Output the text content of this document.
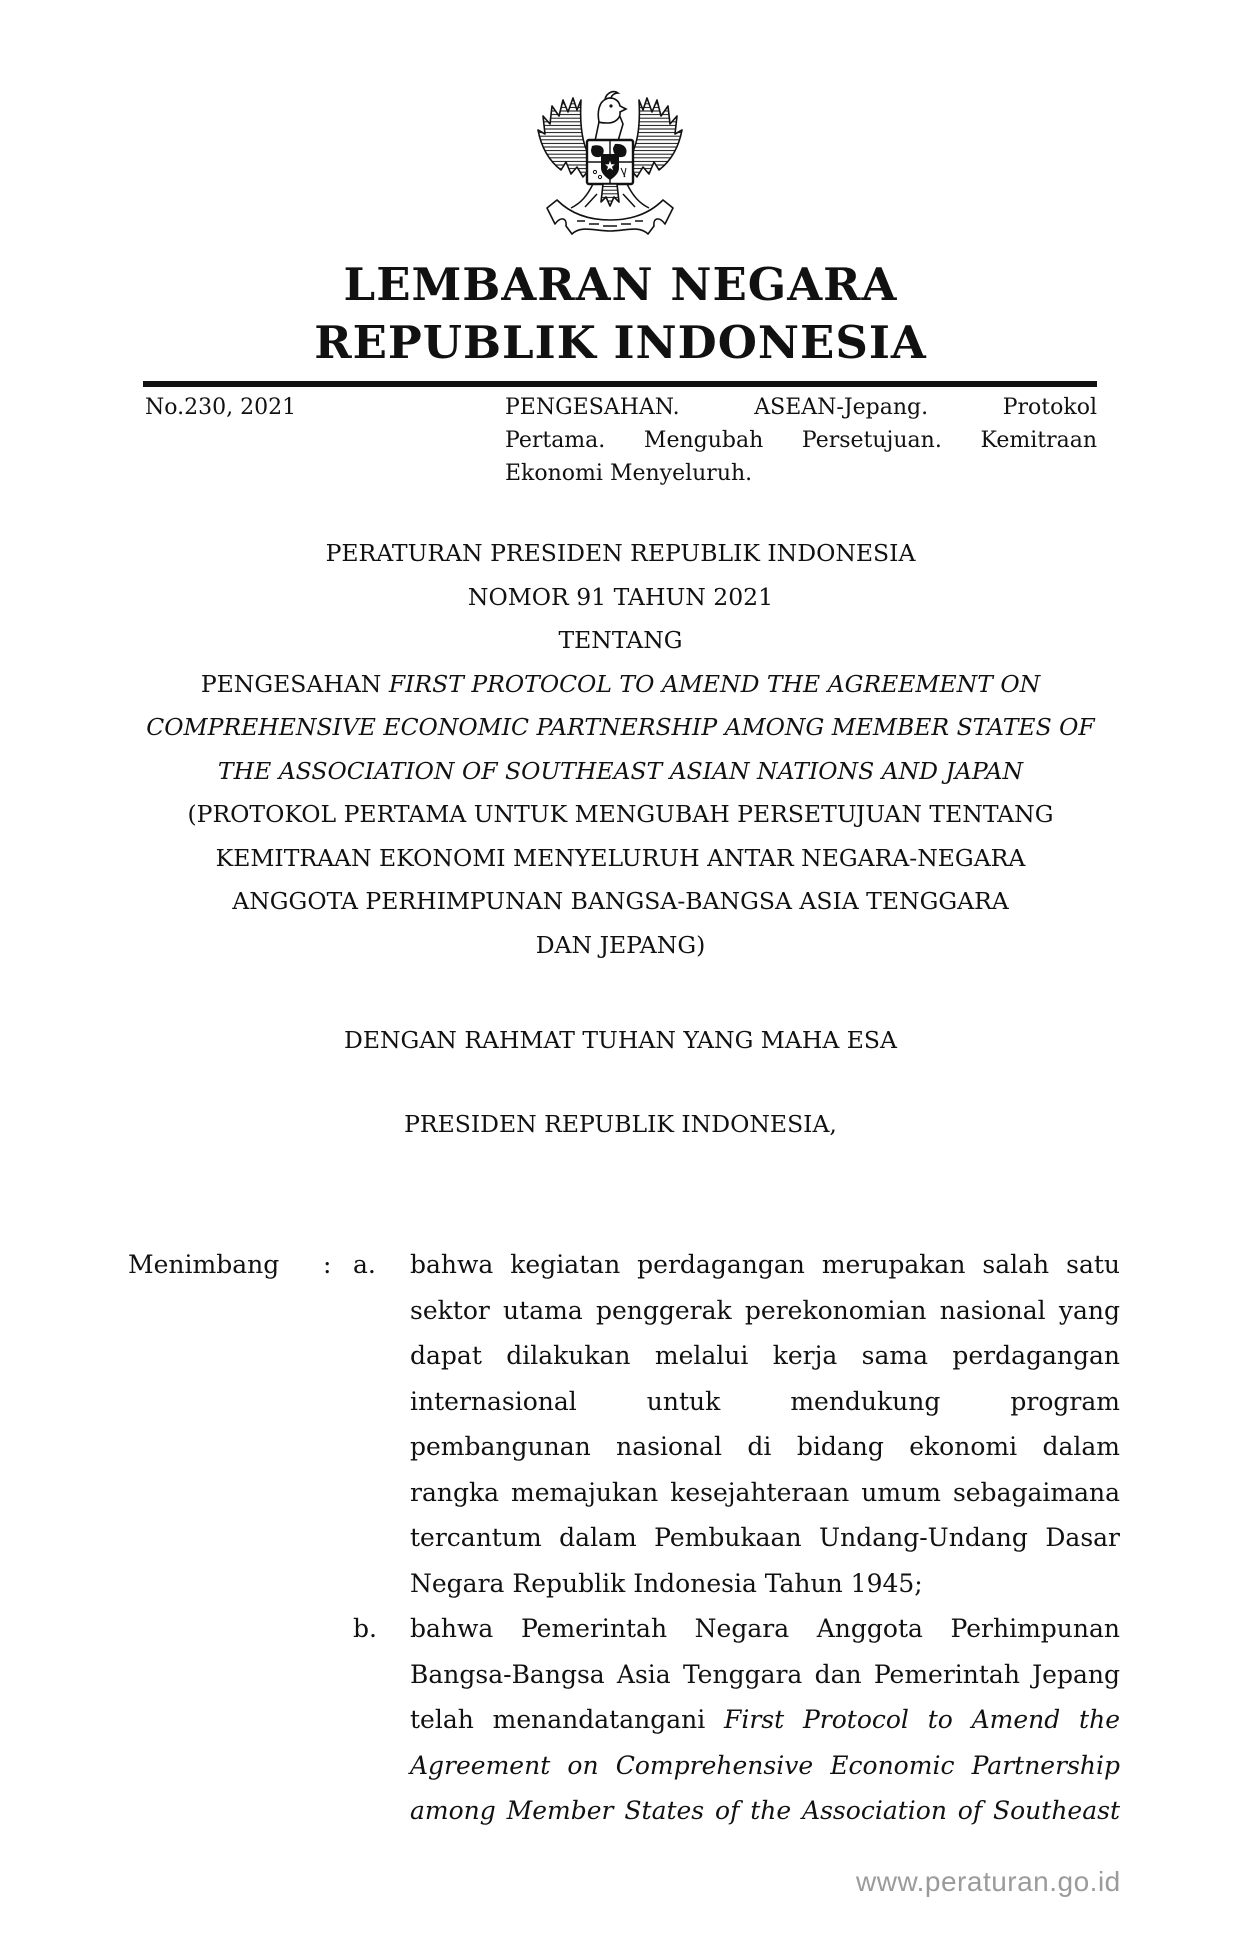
LEMBARAN NEGARA
REPUBLIK INDONESIA
No.230, 2021	PENGESAHAN. ASEAN-Jepang. Protokol
Pertama. Mengubah Persetujuan. Kemitraan
Ekonomi Menyeluruh.
PERATURAN PRESIDEN REPUBLIK INDONESIA
NOMOR 91 TAHUN 2021
TENTANG
PENGESAHAN FIRST PROTOCOL TO AMEND THE AGREEMENT ON
COMPREHENSIVE ECONOMIC PARTNERSHIP AMONG MEMBER STATES OF
THE ASSOCIATION OF SOUTHEAST ASIAN NATIONS AND JAPAN
(PROTOKOL PERTAMA UNTUK MENGUBAH PERSETUJUAN TENTANG
KEMITRAAN EKONOMI MENYELURUH ANTAR NEGARA-NEGARA
ANGGOTA PERHIMPUNAN BANGSA-BANGSA ASIA TENGGARA
DAN JEPANG)
DENGAN RAHMAT TUHAN YANG MAHA ESA
PRESIDEN REPUBLIK INDONESIA,
Menimbang	: a.	bahwa kegiatan perdagangan merupakan salah satu
sektor utama penggerak perekonomian nasional yang
dapat dilakukan melalui kerja sama perdagangan
internasional untuk mendukung program
pembangunan nasional di bidang ekonomi dalam
rangka memajukan kesejahteraan umum sebagaimana
tercantum dalam Pembukaan Undang-Undang Dasar
Negara Republik Indonesia Tahun 1945;
b.	bahwa Pemerintah Negara Anggota Perhimpunan
Bangsa-Bangsa Asia Tenggara dan Pemerintah Jepang
telah menandatangani First Protocol to Amend the
Agreement on Comprehensive Economic Partnership
among Member States of the Association of Southeast
www.peraturan.go.id
